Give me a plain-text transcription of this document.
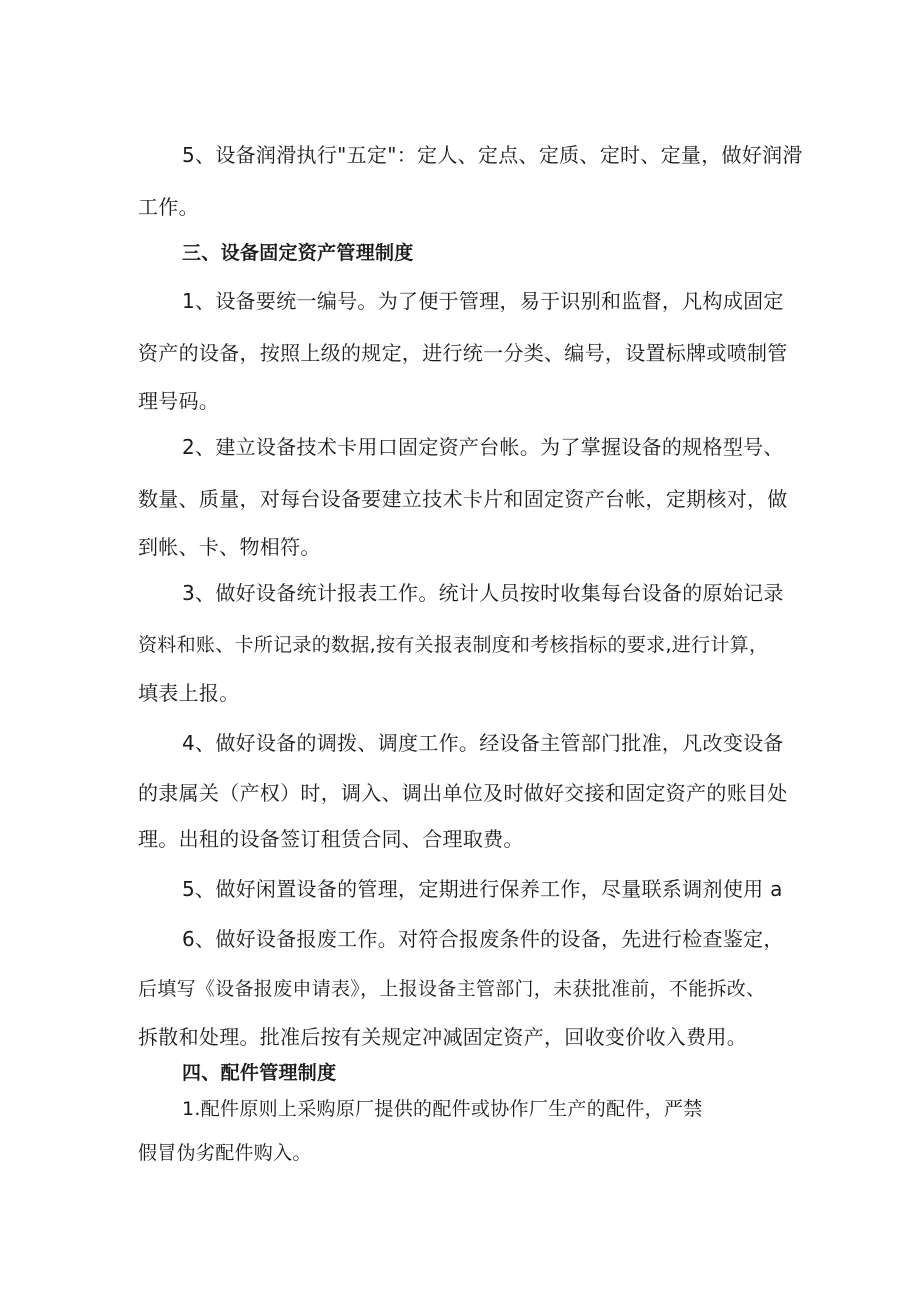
5、设备润滑执行"五定"：定人、定点、定质、定时、定量，做好润滑
工作。
三、设备固定资产管理制度
1、设备要统一编号。为了便于管理，易于识别和监督，凡构成固定
资产的设备，按照上级的规定，进行统一分类、编号，设置标牌或喷制管
理号码。
2、建立设备技术卡用口固定资产台帐。为了掌握设备的规格型号、
数量、质量，对每台设备要建立技术卡片和固定资产台帐，定期核对，做
到帐、卡、物相符。
3、做好设备统计报表工作。统计人员按时收集每台设备的原始记录
资料和账、卡所记录的数据,按有关报表制度和考核指标的要求,进行计算，
填表上报。
4、做好设备的调拨、调度工作。经设备主管部门批准，凡改变设备
的隶属关（产权）时，调入、调出单位及时做好交接和固定资产的账目处
理。出租的设备签订租赁合同、合理取费。
5、做好闲置设备的管理，定期进行保养工作，尽量联系调剂使用 a
6、做好设备报废工作。对符合报废条件的设备，先进行检查鉴定，
后填写《设备报废申请表》，上报设备主管部门，未获批准前，不能拆改、
拆散和处理。批准后按有关规定冲减固定资产，回收变价收入费用。
四、配件管理制度
1.配件原则上采购原厂提供的配件或协作厂生产的配件，严禁
假冒伪劣配件购入。
